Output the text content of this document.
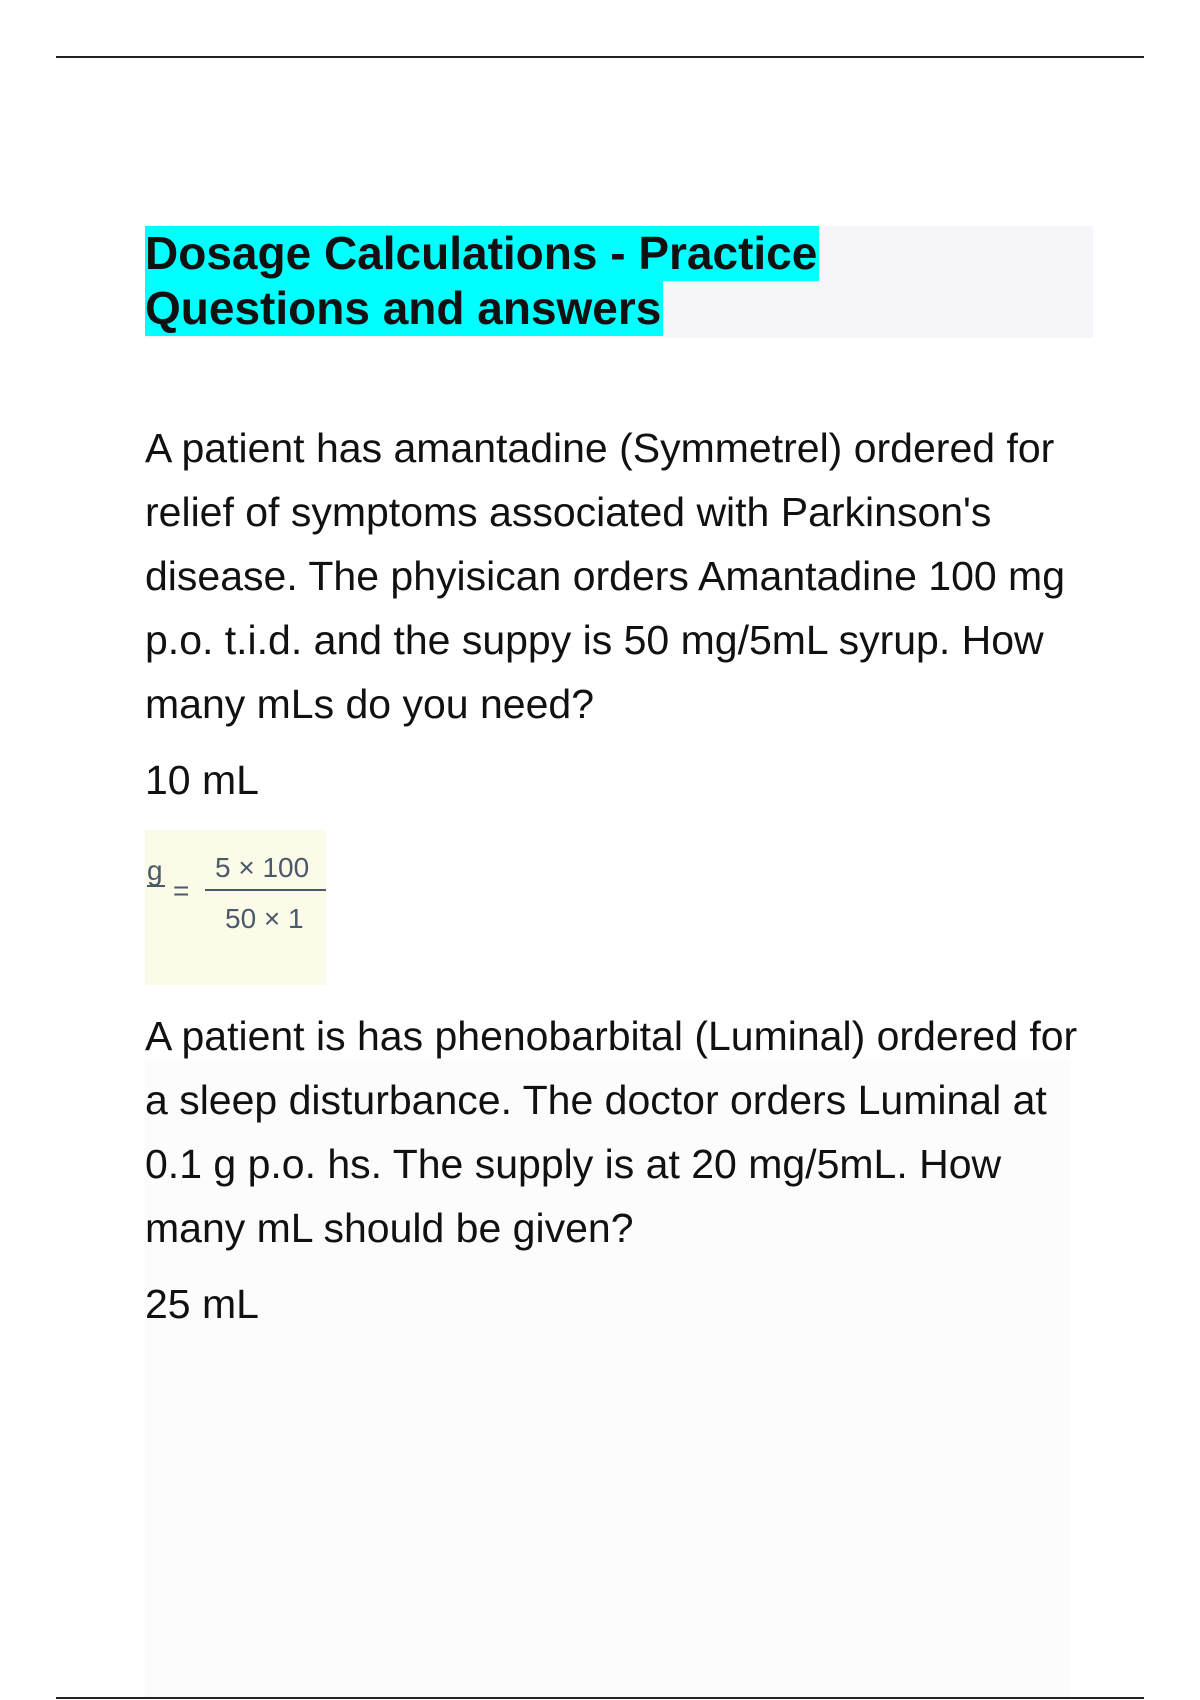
Dosage Calculations - Practice
Questions and answers

A patient has amantadine (Symmetrel) ordered for relief of symptoms associated with Parkinson's disease. The phyisican orders Amantadine 100 mg p.o. t.i.d. and the suppy is 50 mg/5mL syrup. How many mLs do you need?

10 mL

g
=
5 × 100
50 × 1

A patient is has phenobarbital (Luminal) ordered for a sleep disturbance. The doctor orders Luminal at 0.1 g p.o. hs. The supply is at 20 mg/5mL. How many mL should be given?

25 mL
